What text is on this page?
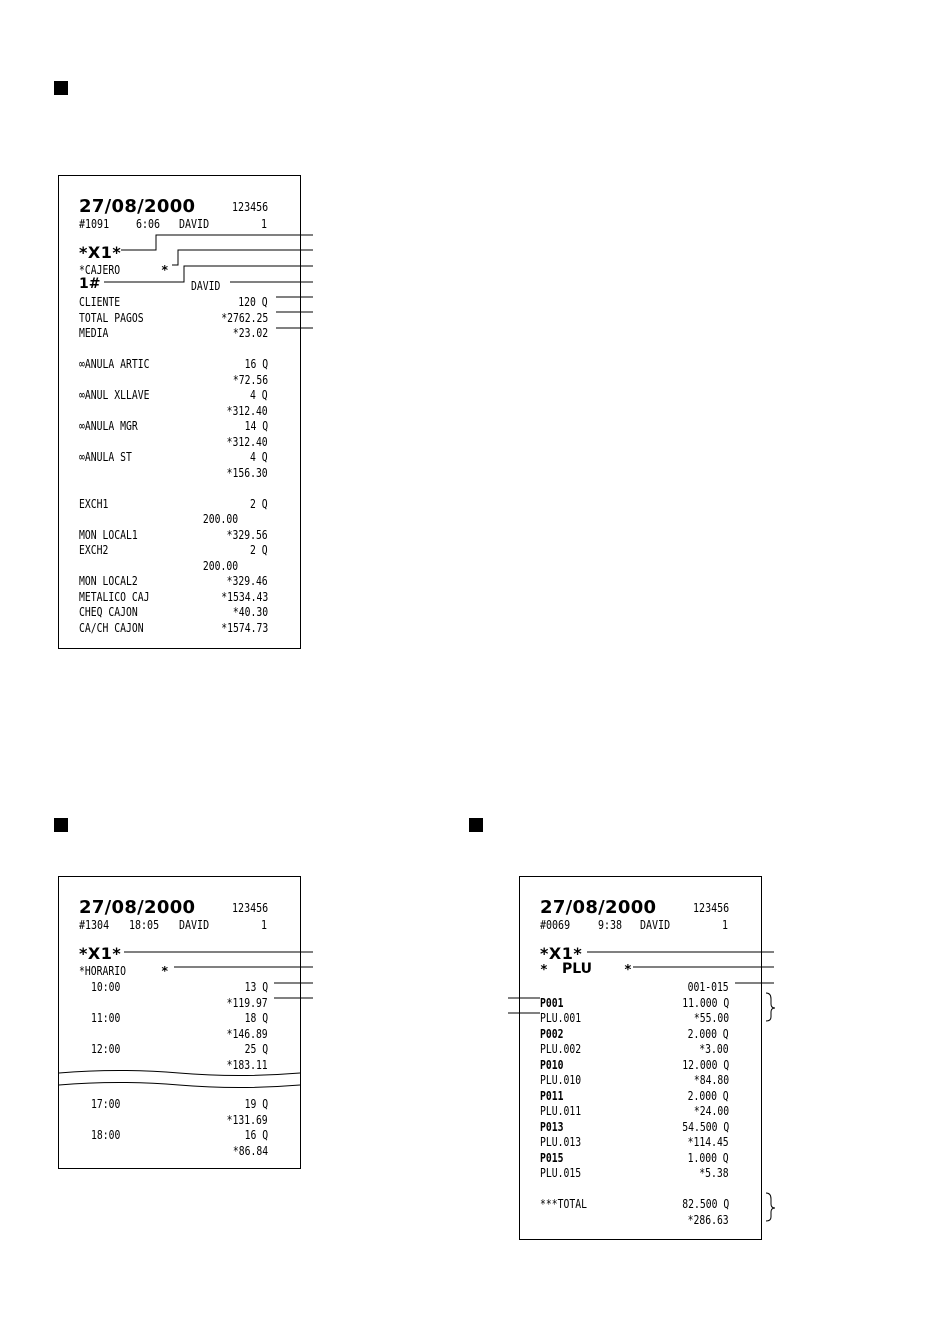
27/08/2000	123456
#1091 6:06 DAVID	1
*X1*
*CAJERO	*
1#	DAVID
CLIENTE	120 Q
TOTAL PAGOS	*2762.25
MEDIA	*23.02
∞ANULA ARTIC	16 Q
*72.56
∞ANUL XLLAVE	4 Q
*312.40
∞ANULA MGR	14 Q
*312.40
∞ANULA ST	4 Q
*156.30
EXCH1	2 Q
200.00
MON LOCAL1	*329.56
EXCH2	2 Q
200.00
MON LOCAL2	*329.46
METALICO CAJ	*1534.43
CHEQ CAJON	*40.30
CA/CH CAJON	*1574.73
27/08/2000	123456
#1304 18:05 DAVID	1
*X1*
*HORARIO	*
10:00	13 Q
*119.97
11:00	18 Q
*146.89
12:00	25 Q
*183.11
17:00	19 Q
*131.69
18:00	16 Q
*86.84
27/08/2000	123456
#0069 9:38 DAVID	1
*X1*
* PLU *
001-015
P001	11.000 Q
PLU.001	*55.00
P002	2.000 Q
PLU.002	*3.00
P010	12.000 Q
PLU.010	*84.80
P011	2.000 Q
PLU.011	*24.00
P013	54.500 Q
PLU.013	*114.45
P015	1.000 Q
PLU.015	*5.38
***TOTAL	82.500 Q
*286.63
